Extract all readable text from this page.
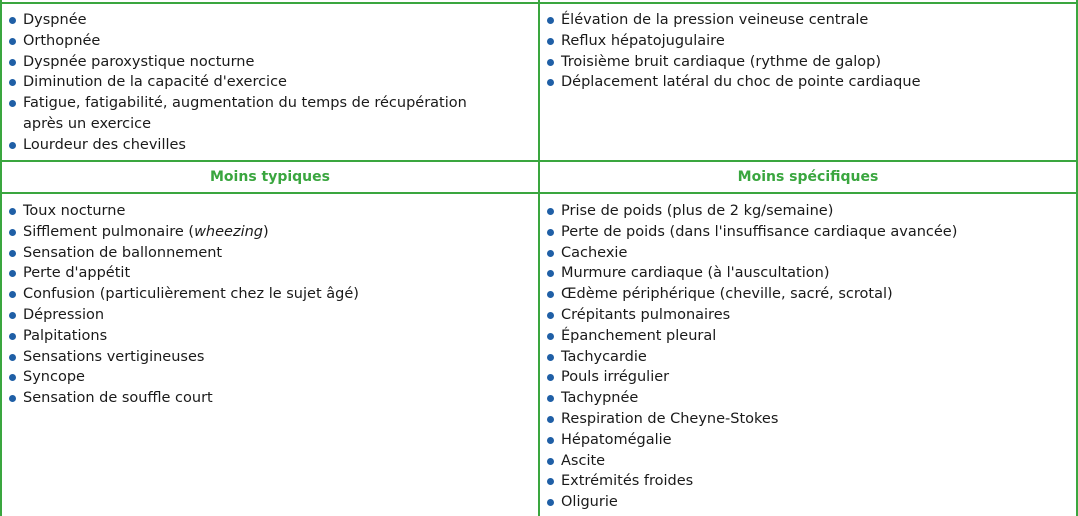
Dyspnée
Orthopnée
Dyspnée paroxystique nocturne
Diminution de la capacité d'exercice
Fatigue, fatigabilité, augmentation du temps de récupération
après un exercice
Lourdeur des chevilles
Élévation de la pression veineuse centrale
Reflux hépatojugulaire
Troisième bruit cardiaque (rythme de galop)
Déplacement latéral du choc de pointe cardiaque
Moins typiques	Moins spécifiques
Toux nocturne
Sifflement pulmonaire (wheezing)
Sensation de ballonnement
Perte d'appétit
Confusion (particulièrement chez le sujet âgé)
Dépression
Palpitations
Sensations vertigineuses
Syncope
Sensation de souffle court
Prise de poids (plus de 2 kg/semaine)
Perte de poids (dans l'insuffisance cardiaque avancée)
Cachexie
Murmure cardiaque (à l'auscultation)
Œdème périphérique (cheville, sacré, scrotal)
Crépitants pulmonaires
Épanchement pleural
Tachycardie
Pouls irrégulier
Tachypnée
Respiration de Cheyne-Stokes
Hépatomégalie
Ascite
Extrémités froides
Oligurie
